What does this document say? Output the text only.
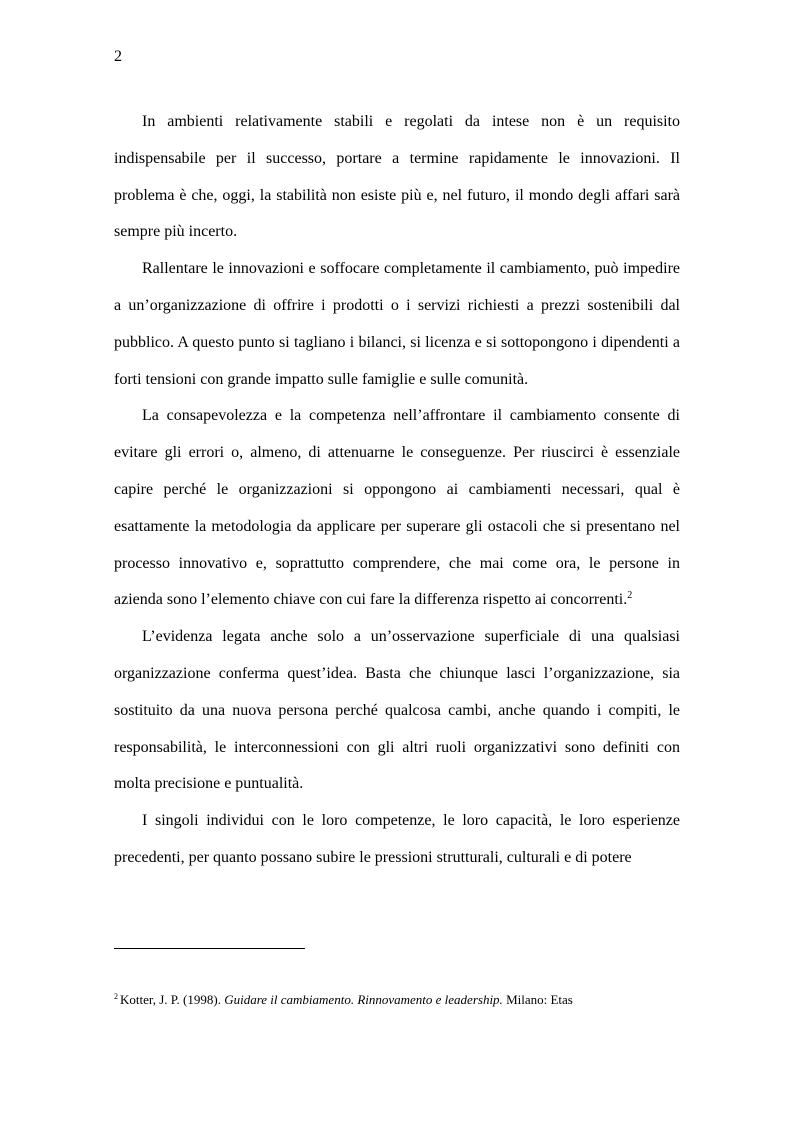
2

In ambienti relativamente stabili e regolati da intese non è un requisito indispensabile per il successo, portare a termine rapidamente le innovazioni. Il problema è che, oggi, la stabilità non esiste più e, nel futuro, il mondo degli affari sarà sempre più incerto.

Rallentare le innovazioni e soffocare completamente il cambiamento, può impedire a un’organizzazione di offrire i prodotti o i servizi richiesti a prezzi sostenibili dal pubblico. A questo punto si tagliano i bilanci, si licenza e si sottopongono i dipendenti a forti tensioni con grande impatto sulle famiglie e sulle comunità.

La consapevolezza e la competenza nell’affrontare il cambiamento consente di evitare gli errori o, almeno, di attenuarne le conseguenze. Per riuscirci è essenziale capire perché le organizzazioni si oppongono ai cambiamenti necessari, qual è esattamente la metodologia da applicare per superare gli ostacoli che si presentano nel processo innovativo e, soprattutto comprendere, che mai come ora, le persone in azienda sono l’elemento chiave con cui fare la differenza rispetto ai concorrenti.$^2$

L’evidenza legata anche solo a un’osservazione superficiale di una qualsiasi organizzazione conferma quest’idea. Basta che chiunque lasci l’organizzazione, sia sostituito da una nuova persona perché qualcosa cambi, anche quando i compiti, le responsabilità, le interconnessioni con gli altri ruoli organizzativi sono definiti con molta precisione e puntualità.

I singoli individui con le loro competenze, le loro capacità, le loro esperienze precedenti, per quanto possano subire le pressioni strutturali, culturali e di potere

$^2$ Kotter, J. P. (1998). Guidare il cambiamento. Rinnovamento e leadership. Milano: Etas
